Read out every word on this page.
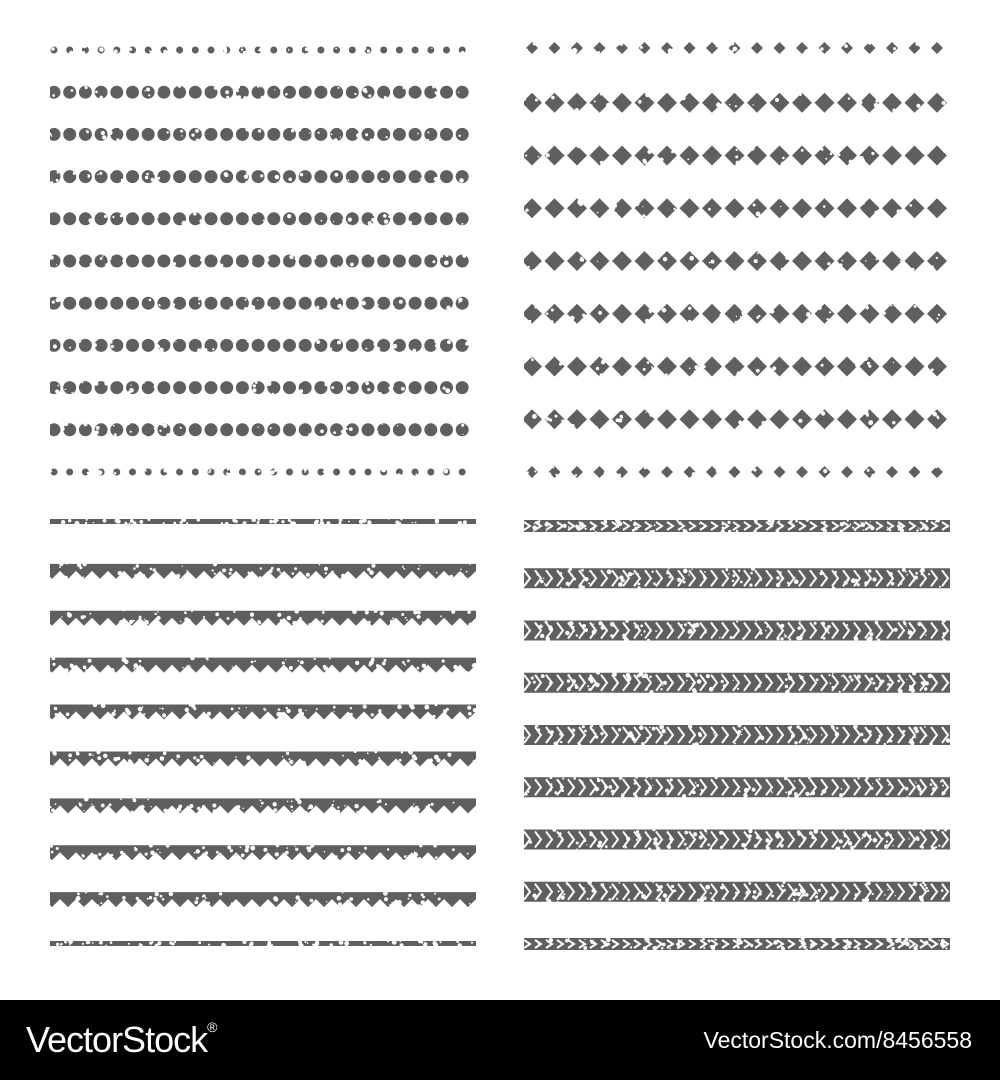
VectorStock®	VectorStock.com/8456558
